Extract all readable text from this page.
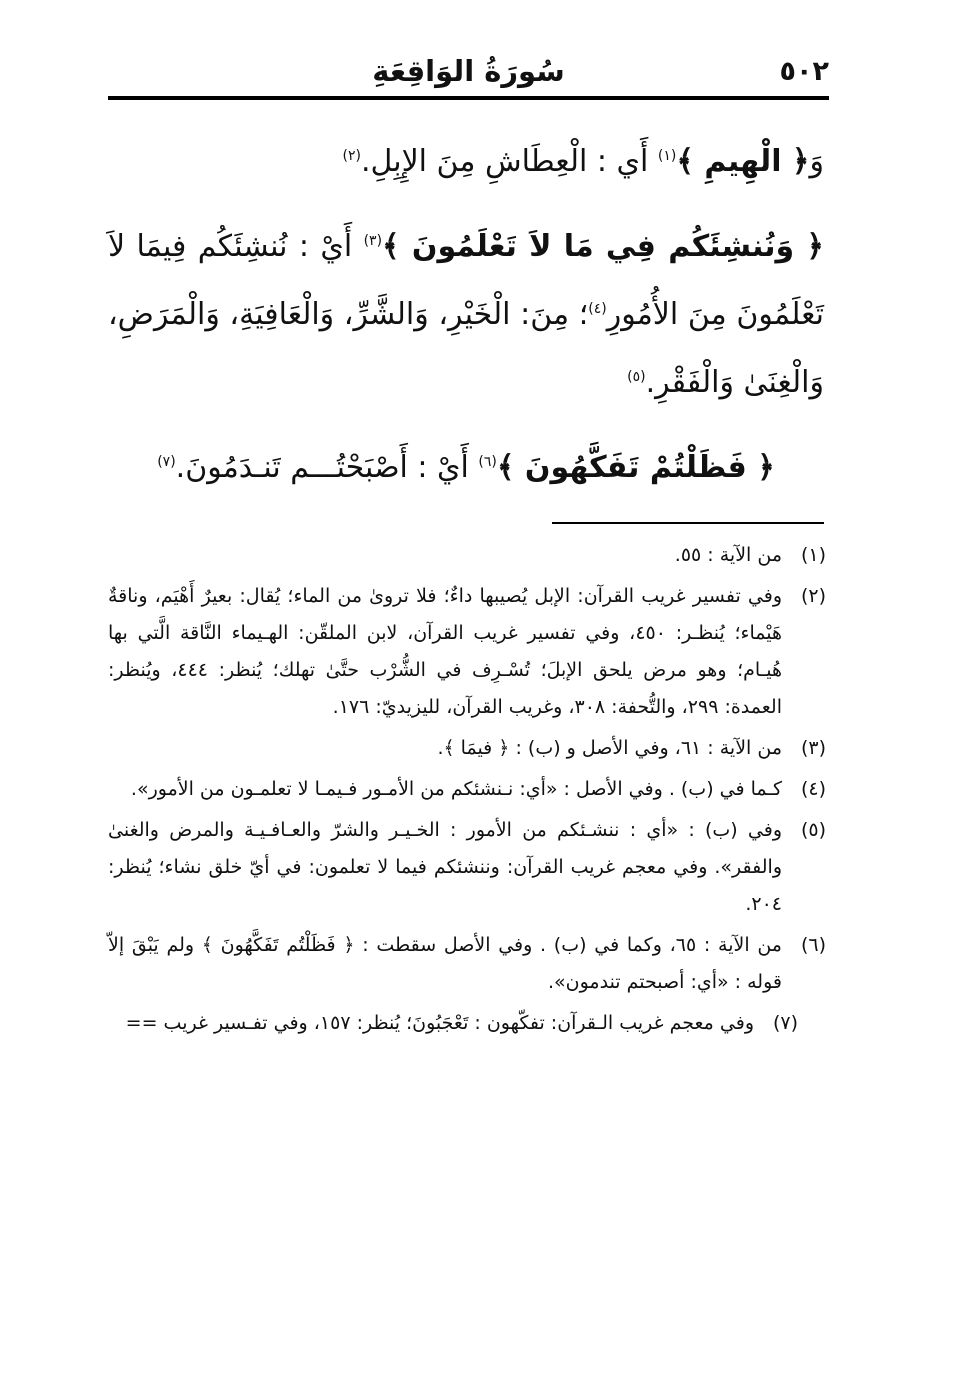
٥٠٢
سُورَةُ الوَاقِعَةِ

وَ﴿ الْهِيمِ ﴾$^{(١)}$ أَي : الْعِطَاشِ مِنَ الإِبِلِ.$^{(٢)}$

﴿ وَنُنشِئَكُم فِي مَا لاَ تَعْلَمُونَ ﴾$^{(٣)}$ أَيْ : نُنشِئَكُم فِيمَا لاَ تَعْلَمُونَ مِنَ الأُمُورِ$^{(٤)}$؛ مِنَ: الْخَيْرِ، وَالشَّرِّ، وَالْعَافِيَةِ، وَالْمَرَضِ، وَالْغِنَىٰ وَالْفَقْرِ.$^{(٥)}$

﴿ فَظَلْتُمْ تَفَكَّهُونَ ﴾$^{(٦)}$ أَيْ : أَصْبَحْتُـــم تَنـدَمُونَ.$^{(٧)}$

(١)
من الآية : ٥٥.
(٢)
وفي تفسير غريب القرآن: الإبل يُصيبها داءٌ؛ فلا تروىٰ من الماء؛ يُقال: بعيرٌ أَهْيَم، وناقةٌ هَيْماء؛ يُنظـر: ٤٥٠، وفي تفسير غريب القرآن، لابن الملقّن: الهـيماء النَّاقة الَّتي بها هُيـام؛ وهو مرض يلحق الإبلَ؛ تُسْـرِف في الشُّرْب حتَّىٰ تهلك؛ يُنظر: ٤٤٤، ويُنظر: العمدة: ٢٩٩، والتُّحفة: ٣٠٨، وغريب القرآن، لليزيديّ: ١٧٦.
(٣)
من الآية : ٦١، وفي الأصل و (ب) : ﴿ فيمَا ﴾.
(٤)
كـما في (ب) . وفي الأصل : «أي: نـنشئكم من الأمـور فـيمـا لا تعلمـون من الأمور».
(٥)
وفي (ب) : «أي : ننشـئكم من الأمور : الخـيـر والشرّ والعـافـيـة والمرض والغنىٰ والفقر». وفي معجم غريب القرآن: وننشئكم فيما لا تعلمون: في أيّ خلق نشاء؛ يُنظر: ٢٠٤.
(٦)
من الآية : ٦٥، وكما في (ب) . وفي الأصل سقطت : ﴿ فَظَلْتُم تَفَكَّهُونَ ﴾ ولم يَبْقَ إلاّ قوله : «أي: أصبحتم تندمون».
(٧)
وفي معجم غريب الـقرآن: تفكّهون : تَعْجَبُونَ؛ يُنظر: ١٥٧، وفي تفـسير غريب ==
